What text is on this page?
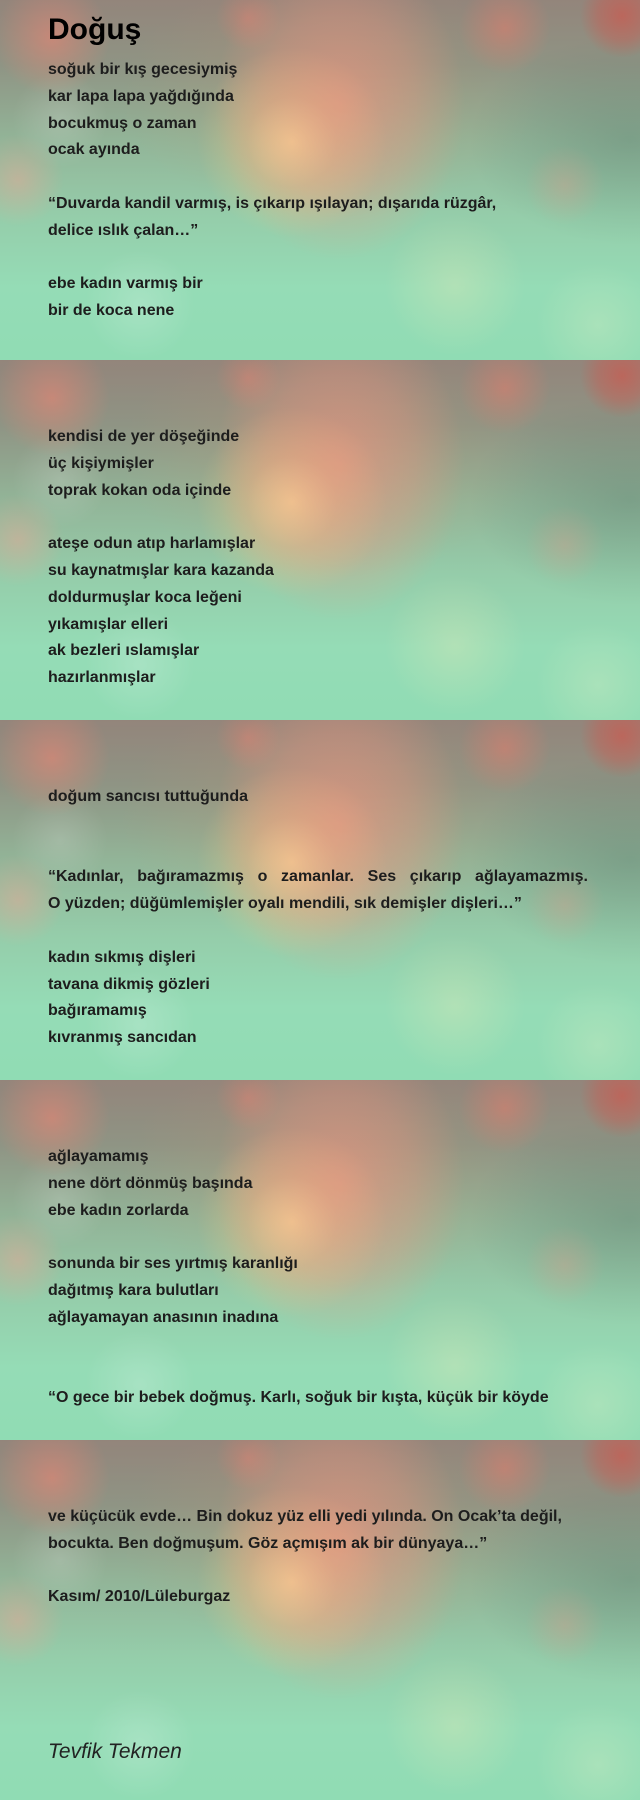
Doğuş
soğuk bir kış gecesiymiş
kar lapa lapa yağdığında
bocukmuş o zaman
ocak ayında

“Duvarda kandil varmış, is çıkarıp ışılayan; dışarıda rüzgâr,
delice ıslık çalan…”

ebe kadın varmış bir
bir de koca nene
kendisi de yer döşeğinde
üç kişiymişler
toprak kokan oda içinde

ateşe odun atıp harlamışlar
su kaynatmışlar kara kazanda
doldurmuşlar koca leğeni
yıkamışlar elleri
ak bezleri ıslamışlar
hazırlanmışlar
doğum sancısı tuttuğunda

“Kadınlar, bağıramazmış o zamanlar. Ses çıkarıp ağlayamazmış.
O yüzden; düğümlemişler oyalı mendili, sık demişler dişleri…”

kadın sıkmış dişleri
tavana dikmiş gözleri
bağıramamış
kıvranmış sancıdan
ağlayamamış
nene dört dönmüş başında
ebe kadın zorlarda

sonunda bir ses yırtmış karanlığı
dağıtmış kara bulutları
ağlayamayan anasının inadına

“O gece bir bebek doğmuş. Karlı, soğuk bir kışta, küçük bir köyde
ve küçücük evde… Bin dokuz yüz elli yedi yılında. On Ocak’ta değil,
bocukta. Ben doğmuşum. Göz açmışım ak bir dünyaya…”

Kasım/ 2010/Lüleburgaz
Tevfik Tekmen
